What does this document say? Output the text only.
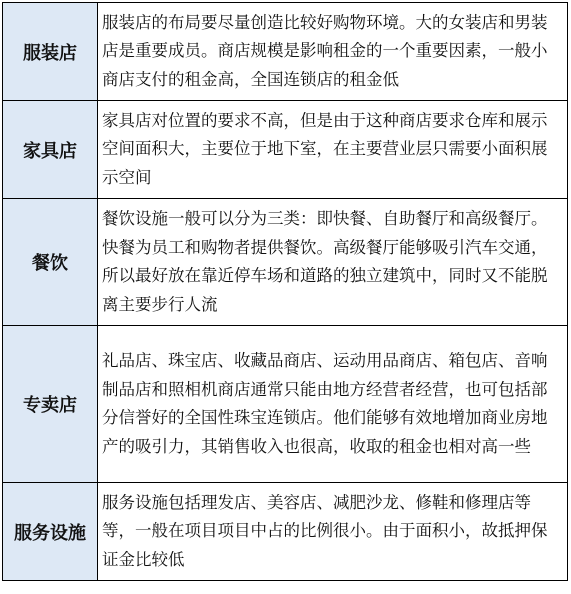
服装店	服装店的布局要尽量创造比较好购物环境。大的女装店和男装店是重要成员。商店规模是影响租金的一个重要因素，一般小商店支付的租金高，全国连锁店的租金低
家具店	家具店对位置的要求不高，但是由于这种商店要求仓库和展示空间面积大，主要位于地下室，在主要营业层只需要小面积展示空间
餐饮	餐饮设施一般可以分为三类：即快餐、自助餐厅和高级餐厅。快餐为员工和购物者提供餐饮。高级餐厅能够吸引汽车交通，所以最好放在靠近停车场和道路的独立建筑中，同时又不能脱离主要步行人流
专卖店	礼品店、珠宝店、收藏品商店、运动用品商店、箱包店、音响制品店和照相机商店通常只能由地方经营者经营，也可包括部分信誉好的全国性珠宝连锁店。他们能够有效地增加商业房地产的吸引力，其销售收入也很高，收取的租金也相对高一些
服务设施	服务设施包括理发店、美容店、减肥沙龙、修鞋和修理店等等，一般在项目项目中占的比例很小。由于面积小，故抵押保证金比较低
